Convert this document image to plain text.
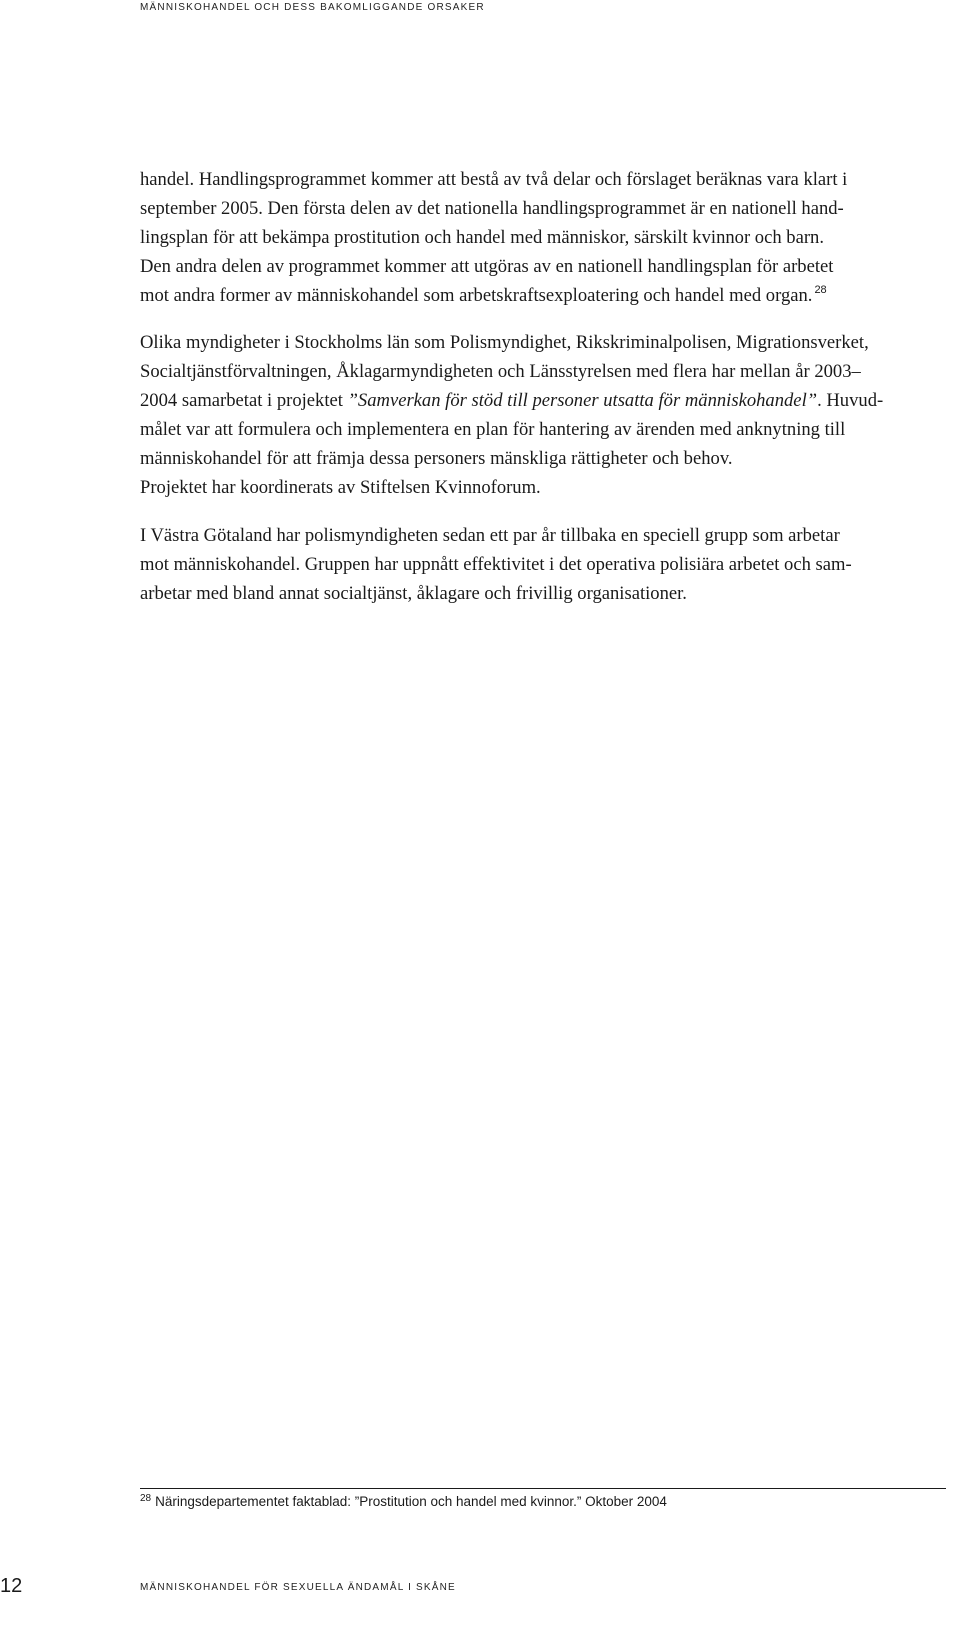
MÄNNISKOHANDEL OCH DESS BAKOMLIGGANDE ORSAKER

handel. Handlingsprogrammet kommer att bestå av två delar och förslaget beräknas vara klart i
september 2005. Den första delen av det nationella handlingsprogrammet är en nationell hand-
lingsplan för att bekämpa prostitution och handel med människor, särskilt kvinnor och barn.
Den andra delen av programmet kommer att utgöras av en nationell handlingsplan för arbetet
mot andra former av människohandel som arbetskraftsexploatering och handel med organ. $^{28}$

Olika myndigheter i Stockholms län som Polismyndighet, Rikskriminalpolisen, Migrationsverket,
Socialtjänstförvaltningen, Åklagarmyndigheten och Länsstyrelsen med flera har mellan år 2003–
2004 samarbetat i projektet ”Samverkan för stöd till personer utsatta för människohandel”. Huvud-
målet var att formulera och implementera en plan för hantering av ärenden med anknytning till
människohandel för att främja dessa personers mänskliga rättigheter och behov.
Projektet har koordinerats av Stiftelsen Kvinnoforum.

I Västra Götaland har polismyndigheten sedan ett par år tillbaka en speciell grupp som arbetar
mot människohandel. Gruppen har uppnått effektivitet i det operativa polisiära arbetet och sam-
arbetar med bland annat socialtjänst, åklagare och frivillig organisationer.

$^{28}$ Näringsdepartementet faktablad: ”Prostitution och handel med kvinnor.” Oktober 2004
12	MÄNNISKOHANDEL FÖR SEXUELLA ÄNDAMÅL I SKÅNE
